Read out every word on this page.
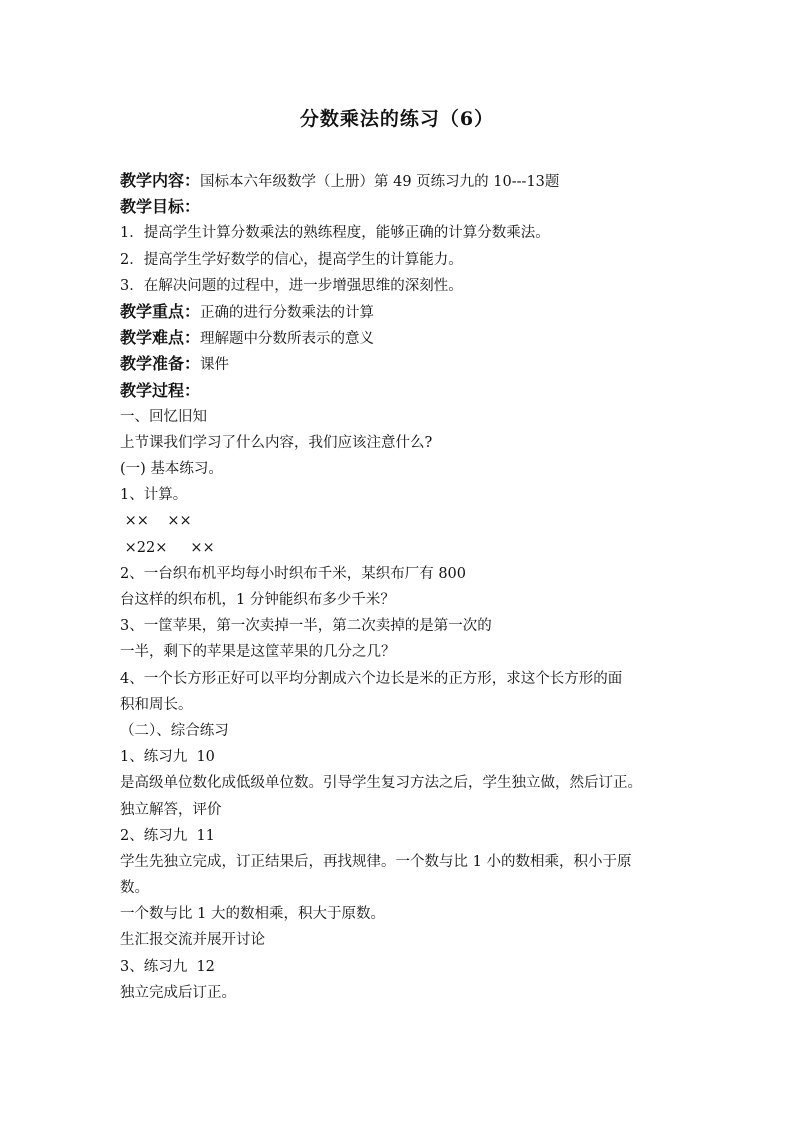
分数乘法的练习（6）
教学内容：国标本六年级数学（上册）第 49 页练习九的 10---13题
教学目标：
1．提高学生计算分数乘法的熟练程度，能够正确的计算分数乘法。
2．提高学生学好数学的信心，提高学生的计算能力。
3．在解决问题的过程中，进一步增强思维的深刻性。
教学重点：正确的进行分数乘法的计算
教学难点：理解题中分数所表示的意义
教学准备：课件
教学过程：
一、回忆旧知
上节课我们学习了什么内容，我们应该注意什么?
(一) 基本练习。
1、计算。
××    ××
×22×     ××
2、一台织布机平均每小时织布千米，某织布厂有 800
台这样的织布机，1 分钟能织布多少千米？
3、一筐苹果，第一次卖掉一半，第二次卖掉的是第一次的
一半，剩下的苹果是这筐苹果的几分之几？
4、一个长方形正好可以平均分割成六个边长是米的正方形，求这个长方形的面
积和周长。
（二）、综合练习
1、练习九  10
是高级单位数化成低级单位数。引导学生复习方法之后，学生独立做，然后订正。
独立解答，评价
2、练习九  11
学生先独立完成，订正结果后，再找规律。一个数与比 1 小的数相乘，积小于原
数。
一个数与比 1 大的数相乘，积大于原数。
生汇报交流并展开讨论
3、练习九  12
独立完成后订正。
